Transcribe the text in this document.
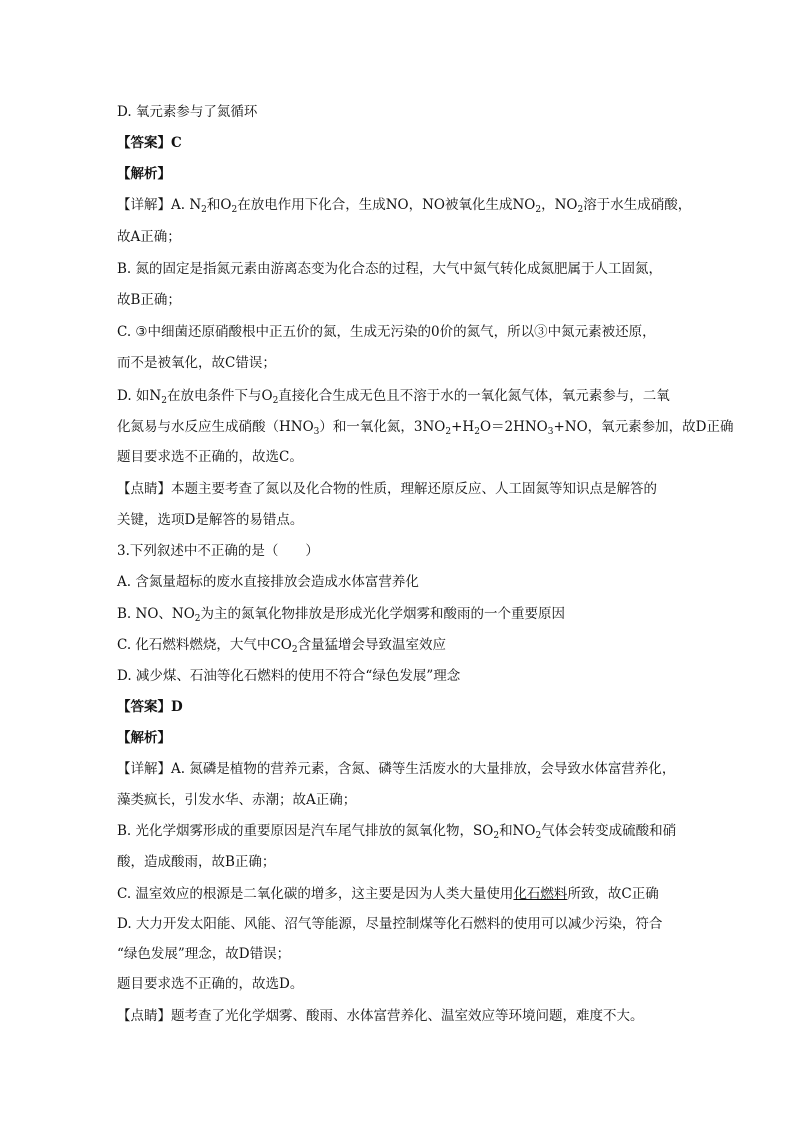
D. 氧元素参与了氮循环
【答案】C
【解析】
【详解】A. $N_2$和$O_2$在放电作用下化合，生成NO，NO被氧化生成$NO_2$，$NO_2$溶于水生成硝酸，
故A正确；
B. 氮的固定是指氮元素由游离态变为化合态的过程，大气中氮气转化成氮肥属于人工固氮，
故B正确；
C. ③中细菌还原硝酸根中正五价的氮，生成无污染的0价的氮气，所以③中氮元素被还原，
而不是被氧化，故C错误；
D. 如$N_2$在放电条件下与$O_2$直接化合生成无色且不溶于水的一氧化氮气体，氧元素参与，二氧
化氮易与水反应生成硝酸$(HNO_3)$和一氧化氮，$3NO_2+H_2O=2HNO_3+NO$，氧元素参加，故D正确
题目要求选不正确的，故选C。
【点睛】本题主要考查了氮以及化合物的性质，理解还原反应、人工固氮等知识点是解答的
关键，选项D是解答的易错点。
3.下列叙述中不正确的是（　　）
A. 含氮量超标的废水直接排放会造成水体富营养化
B. NO、$NO_2$为主的氮氧化物排放是形成光化学烟雾和酸雨的一个重要原因
C. 化石燃料燃烧，大气中$CO_2$含量猛增会导致温室效应
D. 减少煤、石油等化石燃料的使用不符合“绿色发展”理念
【答案】D
【解析】
【详解】A. 氮磷是植物的营养元素，含氮、磷等生活废水的大量排放，会导致水体富营养化，
藻类疯长，引发水华、赤潮；故A正确；
B. 光化学烟雾形成的重要原因是汽车尾气排放的氮氧化物，$SO_2$和$NO_2$气体会转变成硫酸和硝
酸，造成酸雨，故B正确；
C. 温室效应的根源是二氧化碳的增多，这主要是因为人类大量使用化石燃料所致，故C正确
D. 大力开发太阳能、风能、沼气等能源，尽量控制煤等化石燃料的使用可以减少污染，符合
“绿色发展”理念，故D错误；
题目要求选不正确的，故选D。
【点睛】题考查了光化学烟雾、酸雨、水体富营养化、温室效应等环境问题，难度不大。
